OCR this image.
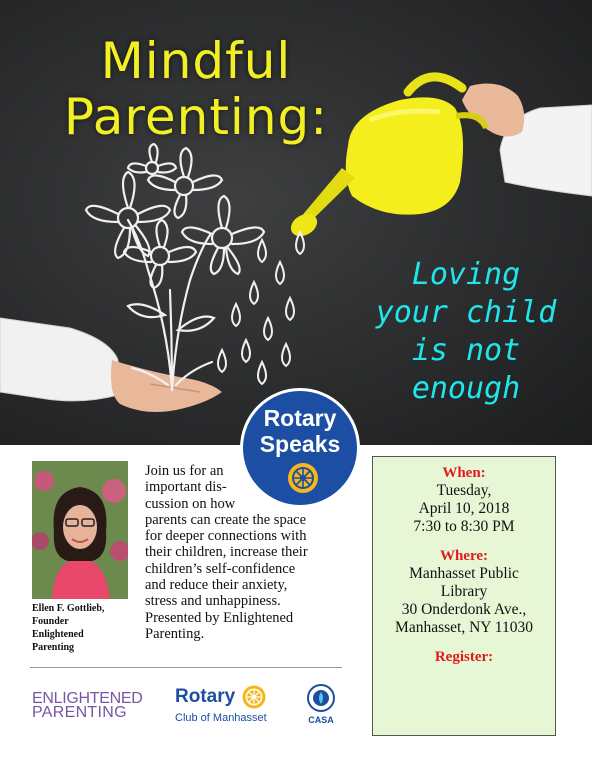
Mindful
Parenting:
Loving
your child
is not
enough
Rotary
Speaks
Ellen F. Gottlieb,
Founder
Enlightened
Parenting
Join us for an
important dis-
cussion on how
parents can create the space
for deeper connections with
their children, increase their
children’s self-confidence
and reduce their anxiety,
stress and unhappiness.
Presented by Enlightened
Parenting.
When:
Tuesday,
April 10, 2018
7:30 to 8:30 PM
Where:
Manhasset Public
Library
30 Onderdonk Ave.,
Manhasset, NY 11030
Register:
ENLIGHTENED
PARENTING
Rotary
Club of Manhasset	CASA
